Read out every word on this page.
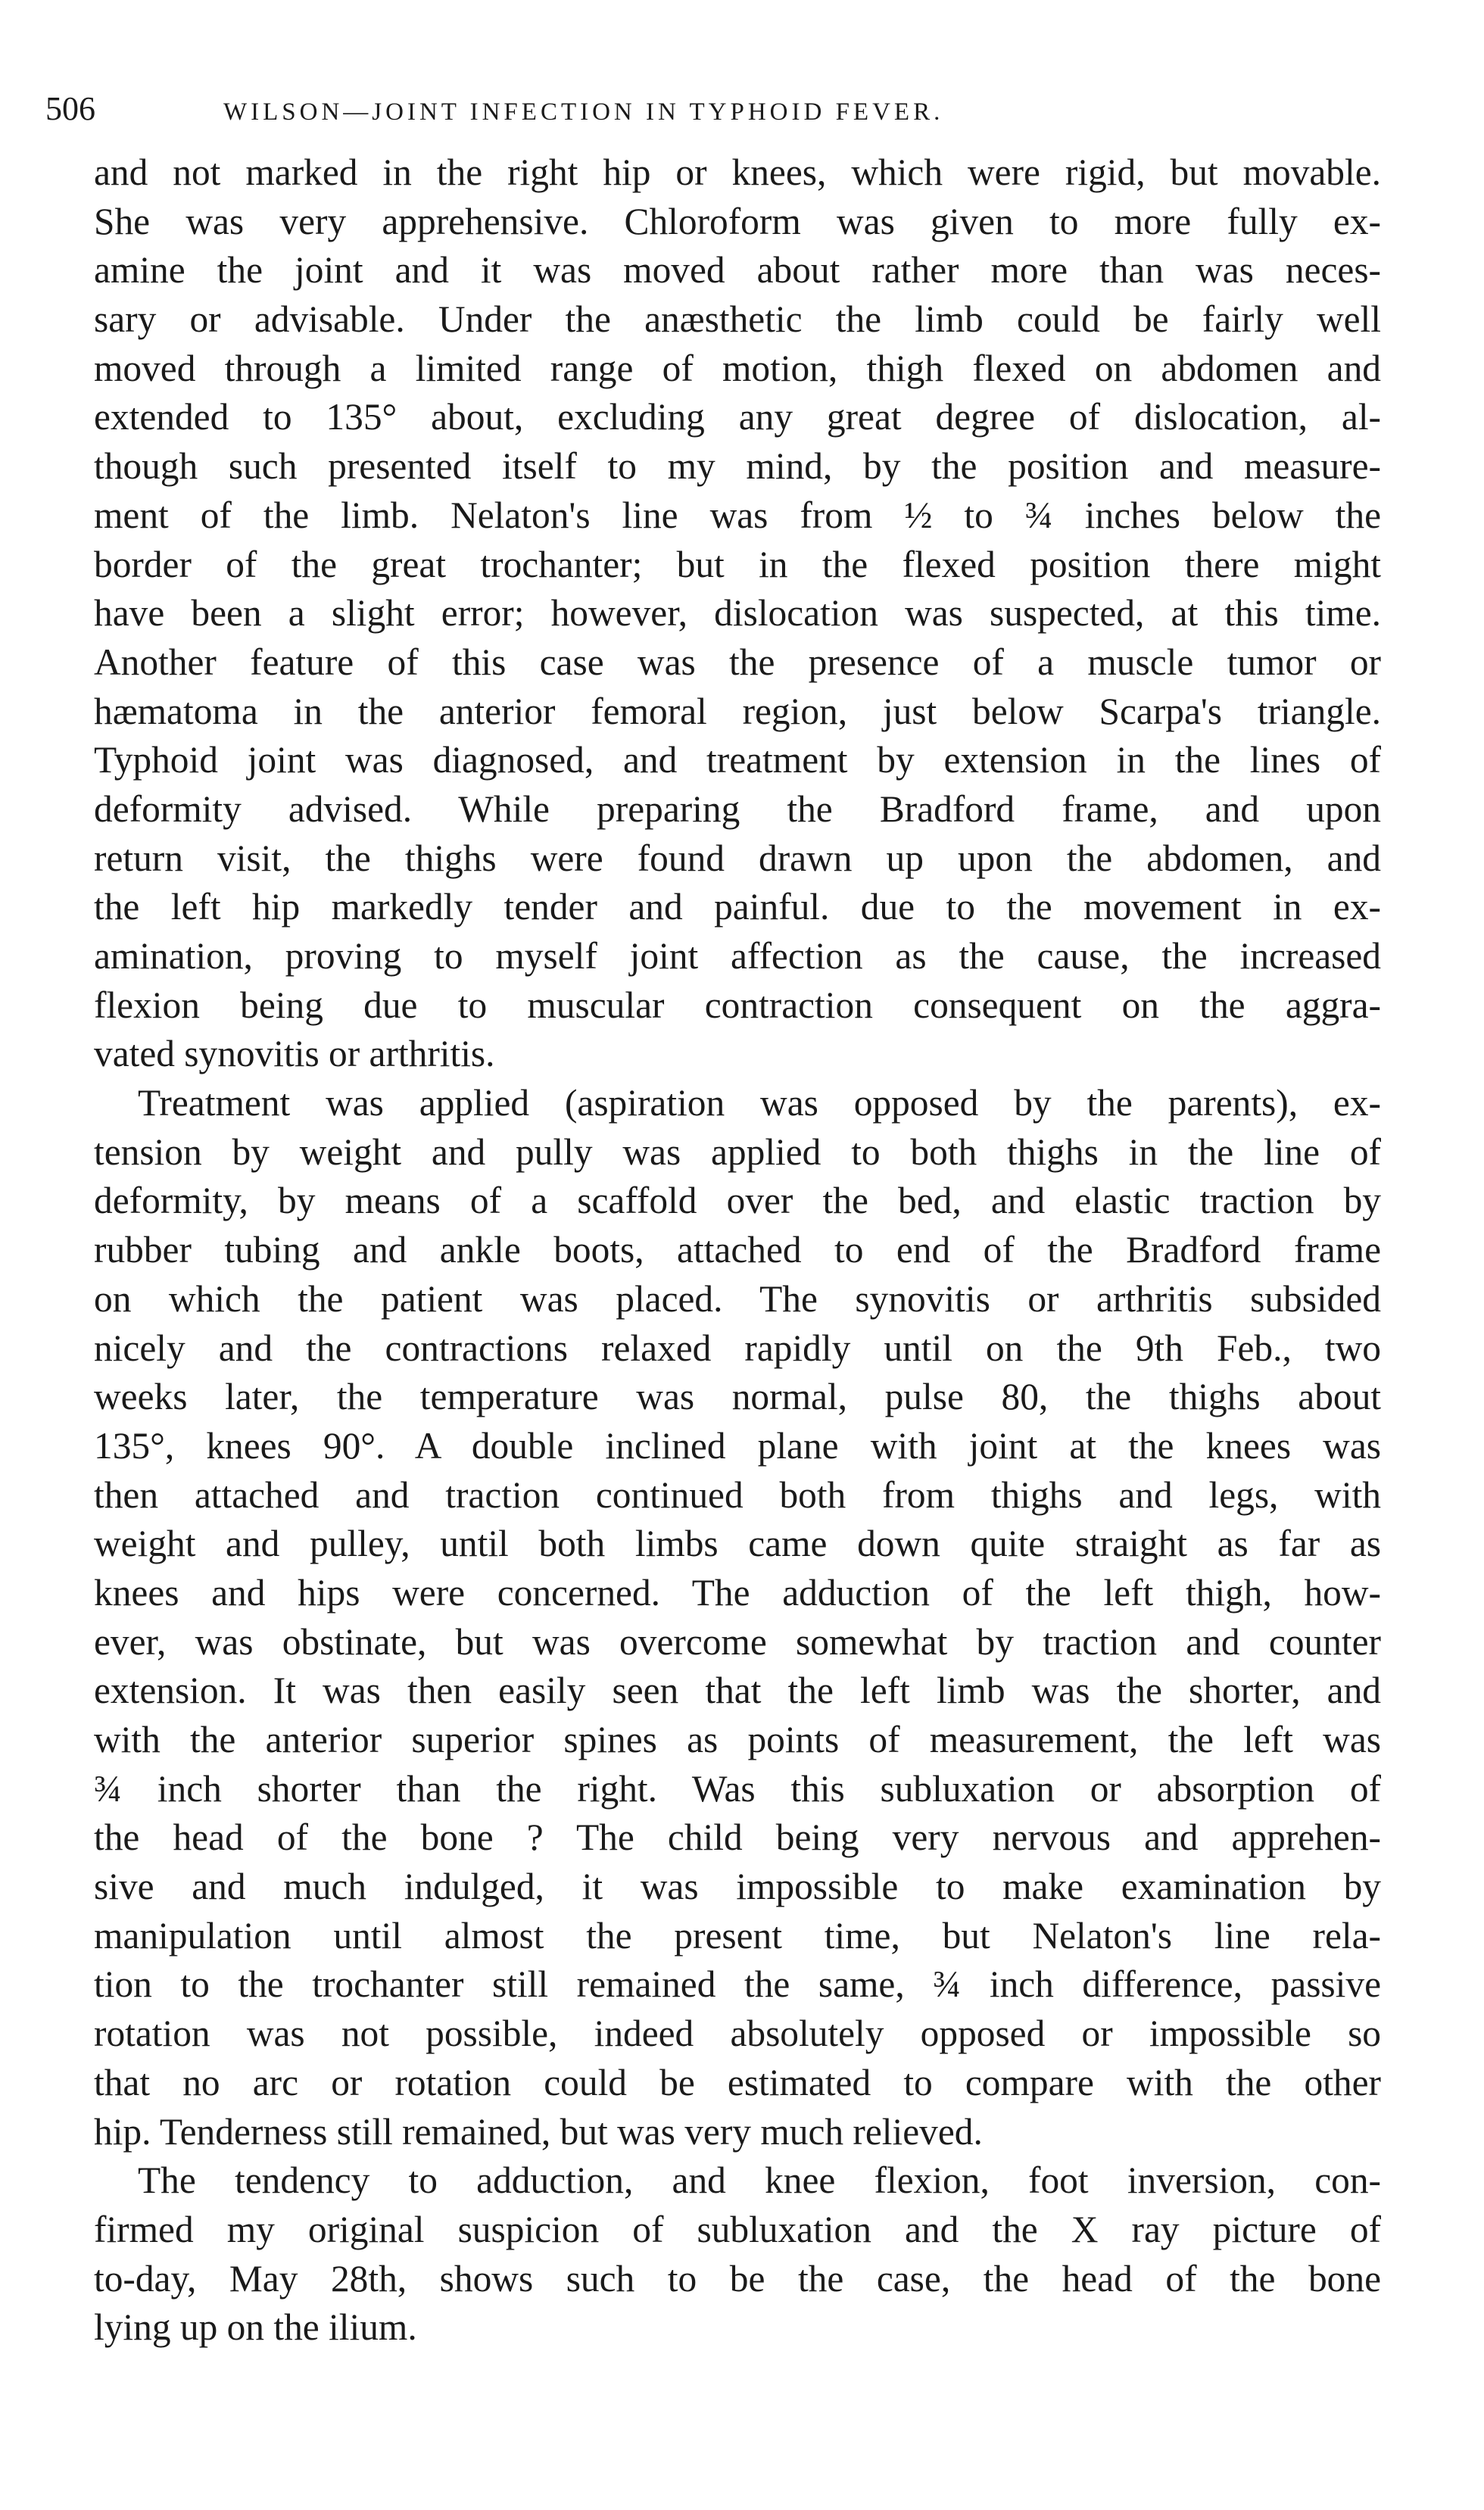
506	WILSON—JOINT INFECTION IN TYPHOID FEVER.
and not marked in the right hip or knees, which were rigid, but movable.
She was very apprehensive. Chloroform was given to more fully ex-
amine the joint and it was moved about rather more than was neces-
sary or advisable. Under the anæsthetic the limb could be fairly well
moved through a limited range of motion, thigh flexed on abdomen and
extended to 135° about, excluding any great degree of dislocation, al-
though such presented itself to my mind, by the position and measure-
ment of the limb. Nelaton's line was from ½ to ¾ inches below the
border of the great trochanter; but in the flexed position there might
have been a slight error; however, dislocation was suspected, at this time.
Another feature of this case was the presence of a muscle tumor or
hæmatoma in the anterior femoral region, just below Scarpa's triangle.
Typhoid joint was diagnosed, and treatment by extension in the lines of
deformity advised. While preparing the Bradford frame, and upon
return visit, the thighs were found drawn up upon the abdomen, and
the left hip markedly tender and painful. due to the movement in ex-
amination, proving to myself joint affection as the cause, the increased
flexion being due to muscular contraction consequent on the aggra-
vated synovitis or arthritis.
Treatment was applied (aspiration was opposed by the parents), ex-
tension by weight and pully was applied to both thighs in the line of
deformity, by means of a scaffold over the bed, and elastic traction by
rubber tubing and ankle boots, attached to end of the Bradford frame
on which the patient was placed. The synovitis or arthritis subsided
nicely and the contractions relaxed rapidly until on the 9th Feb., two
weeks later, the temperature was normal, pulse 80, the thighs about
135°, knees 90°. A double inclined plane with joint at the knees was
then attached and traction continued both from thighs and legs, with
weight and pulley, until both limbs came down quite straight as far as
knees and hips were concerned. The adduction of the left thigh, how-
ever, was obstinate, but was overcome somewhat by traction and counter
extension. It was then easily seen that the left limb was the shorter, and
with the anterior superior spines as points of measurement, the left was
¾ inch shorter than the right. Was this subluxation or absorption of
the head of the bone ? The child being very nervous and apprehen-
sive and much indulged, it was impossible to make examination by
manipulation until almost the present time, but Nelaton's line rela-
tion to the trochanter still remained the same, ¾ inch difference, passive
rotation was not possible, indeed absolutely opposed or impossible so
that no arc or rotation could be estimated to compare with the other
hip. Tenderness still remained, but was very much relieved.
The tendency to adduction, and knee flexion, foot inversion, con-
firmed my original suspicion of subluxation and the X ray picture of
to-day, May 28th, shows such to be the case, the head of the bone
lying up on the ilium.
